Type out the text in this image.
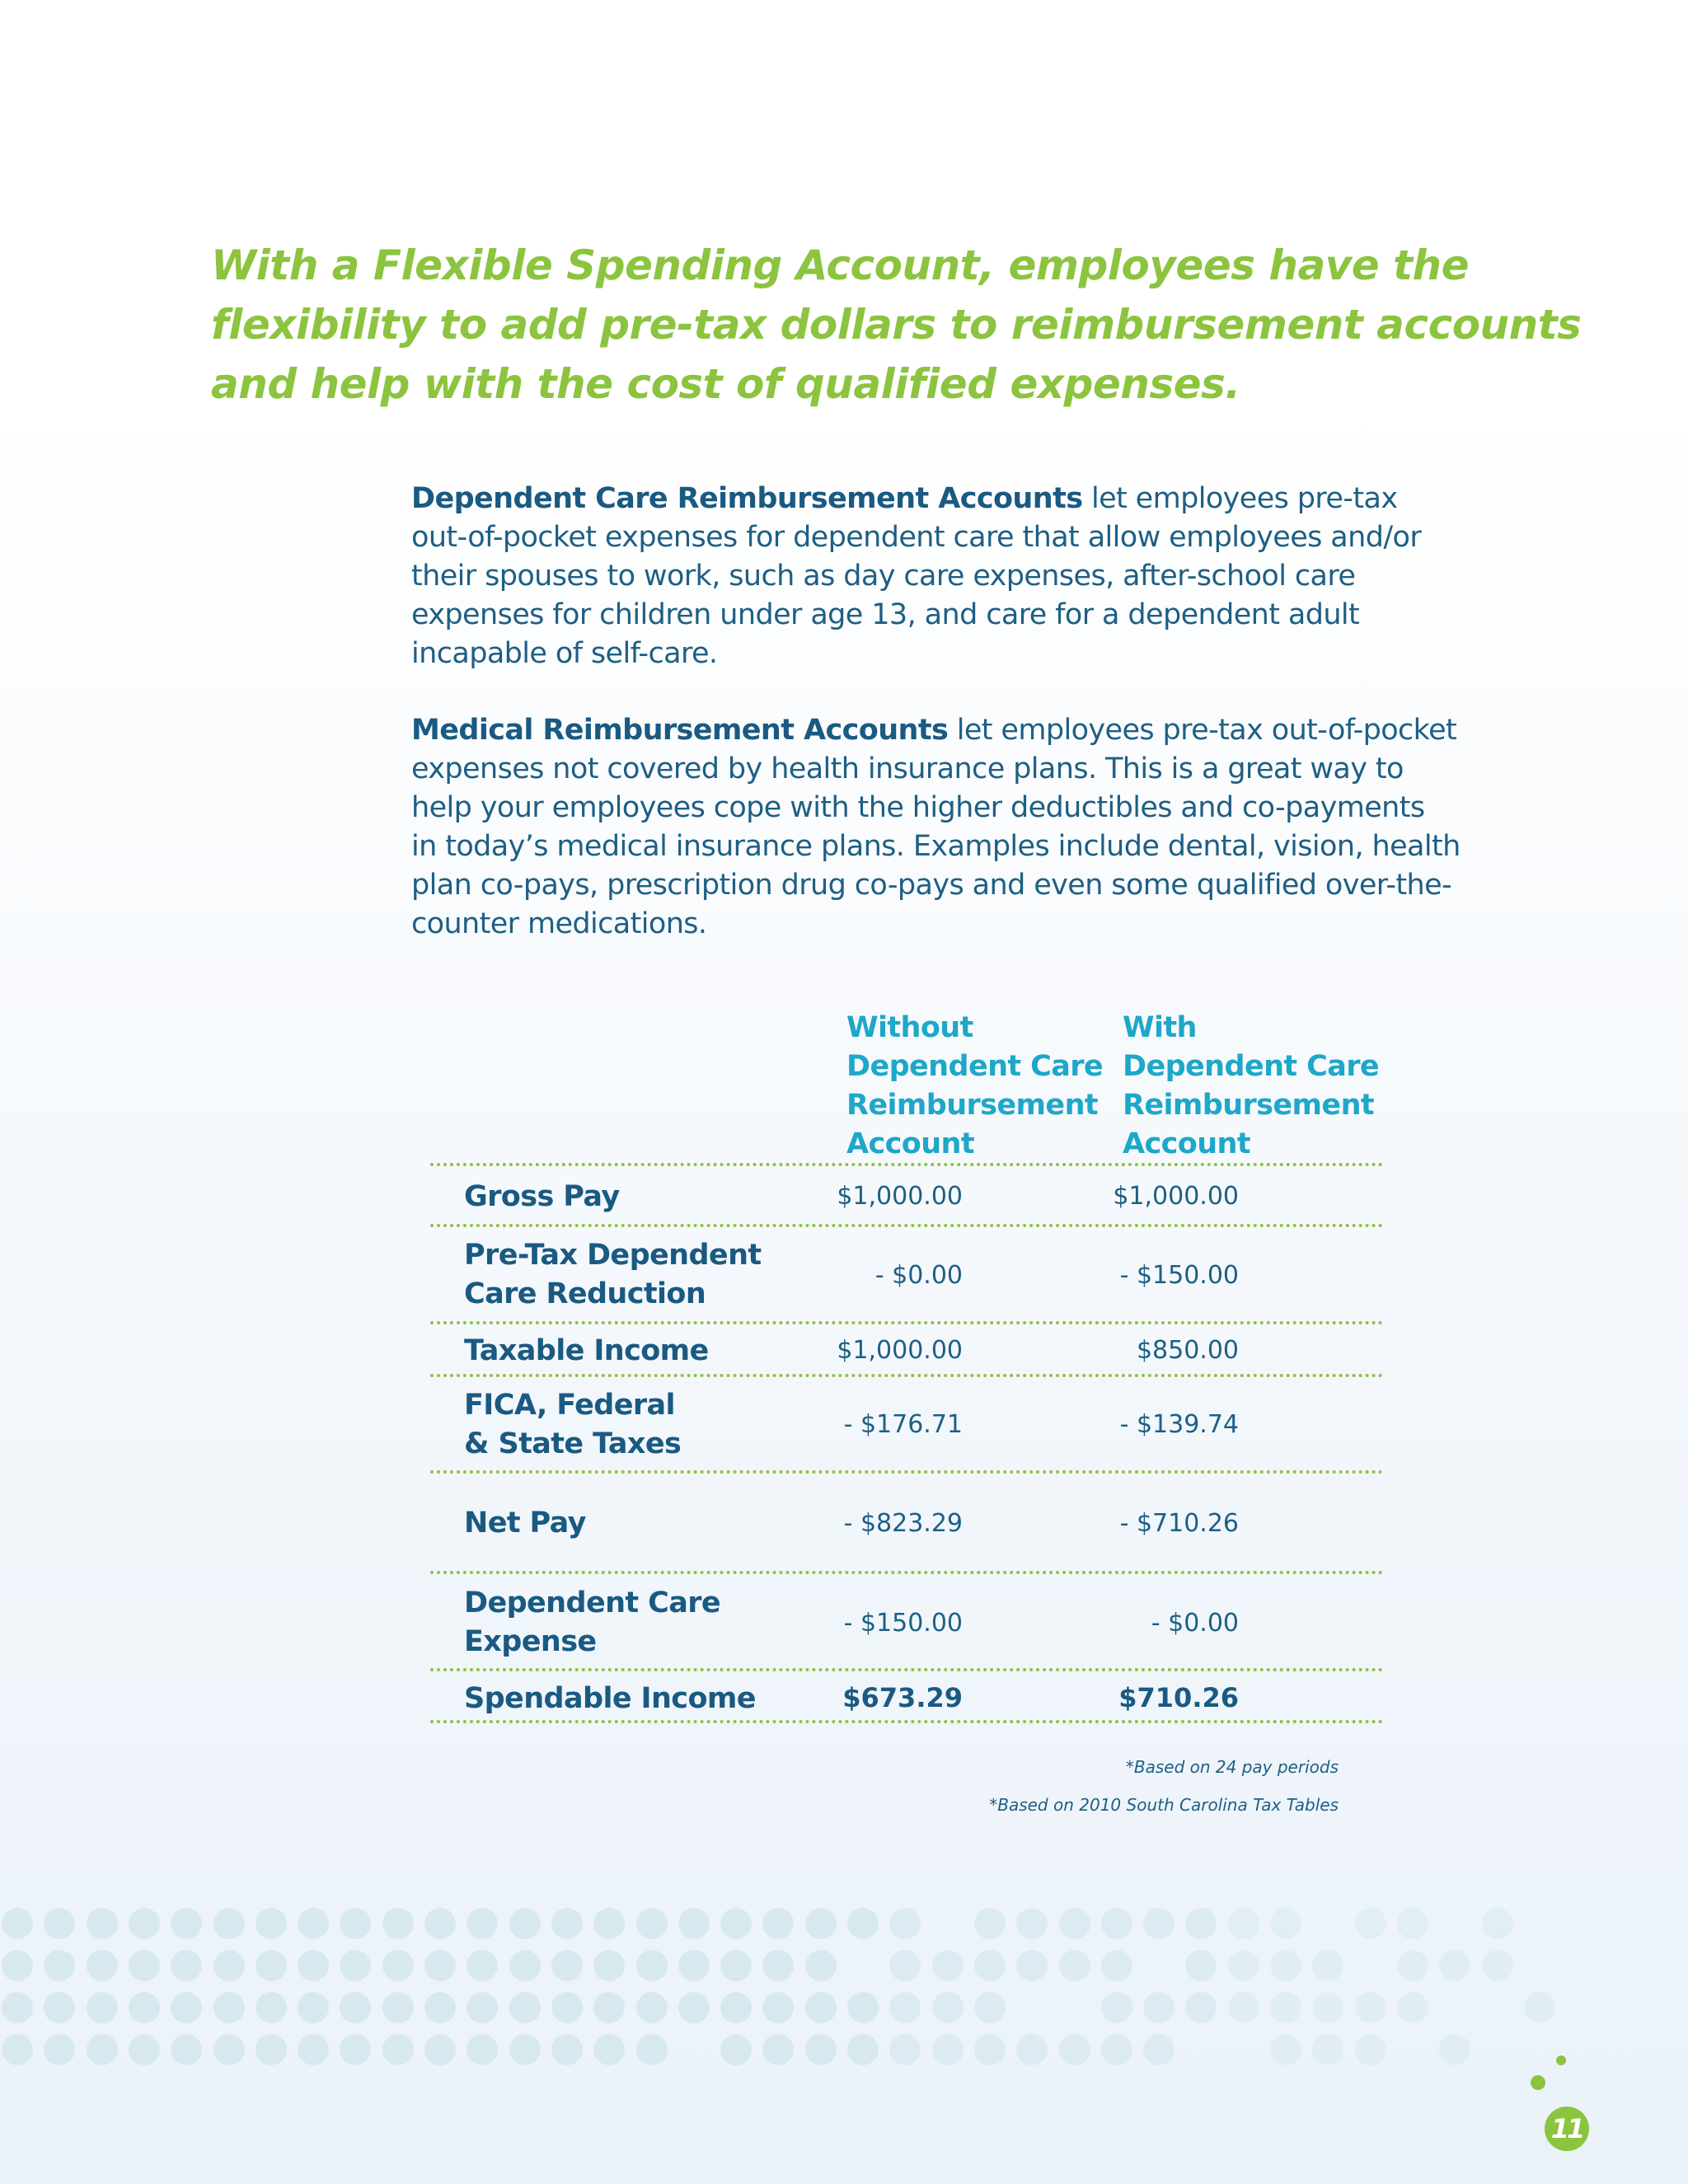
With a Flexible Spending Account, employees have the
flexibility to add pre-tax dollars to reimbursement accounts
and help with the cost of qualified expenses.
Dependent Care Reimbursement Accounts let employees pre-tax
out-of-pocket expenses for dependent care that allow employees and/or
their spouses to work, such as day care expenses, after-school care
expenses for children under age 13, and care for a dependent adult
incapable of self-care.
Medical Reimbursement Accounts let employees pre-tax out-of-pocket
expenses not covered by health insurance plans. This is a great way to
help your employees cope with the higher deductibles and co-payments
in today’s medical insurance plans. Examples include dental, vision, health
plan co-pays, prescription drug co-pays and even some qualified over-the-
counter medications.
Without
Dependent Care
Reimbursement
Account
With
Dependent Care
Reimbursement
Account
Gross Pay	$1,000.00	$1,000.00
Pre-Tax Dependent
Care Reduction
- $0.00	- $150.00
Taxable Income	$1,000.00	$850.00
FICA, Federal
& State Taxes
- $176.71	- $139.74
Net Pay	- $823.29	- $710.26
Dependent Care
Expense
- $150.00	- $0.00
Spendable Income	$673.29	$710.26
*Based on 24 pay periods
*Based on 2010 South Carolina Tax Tables
11
